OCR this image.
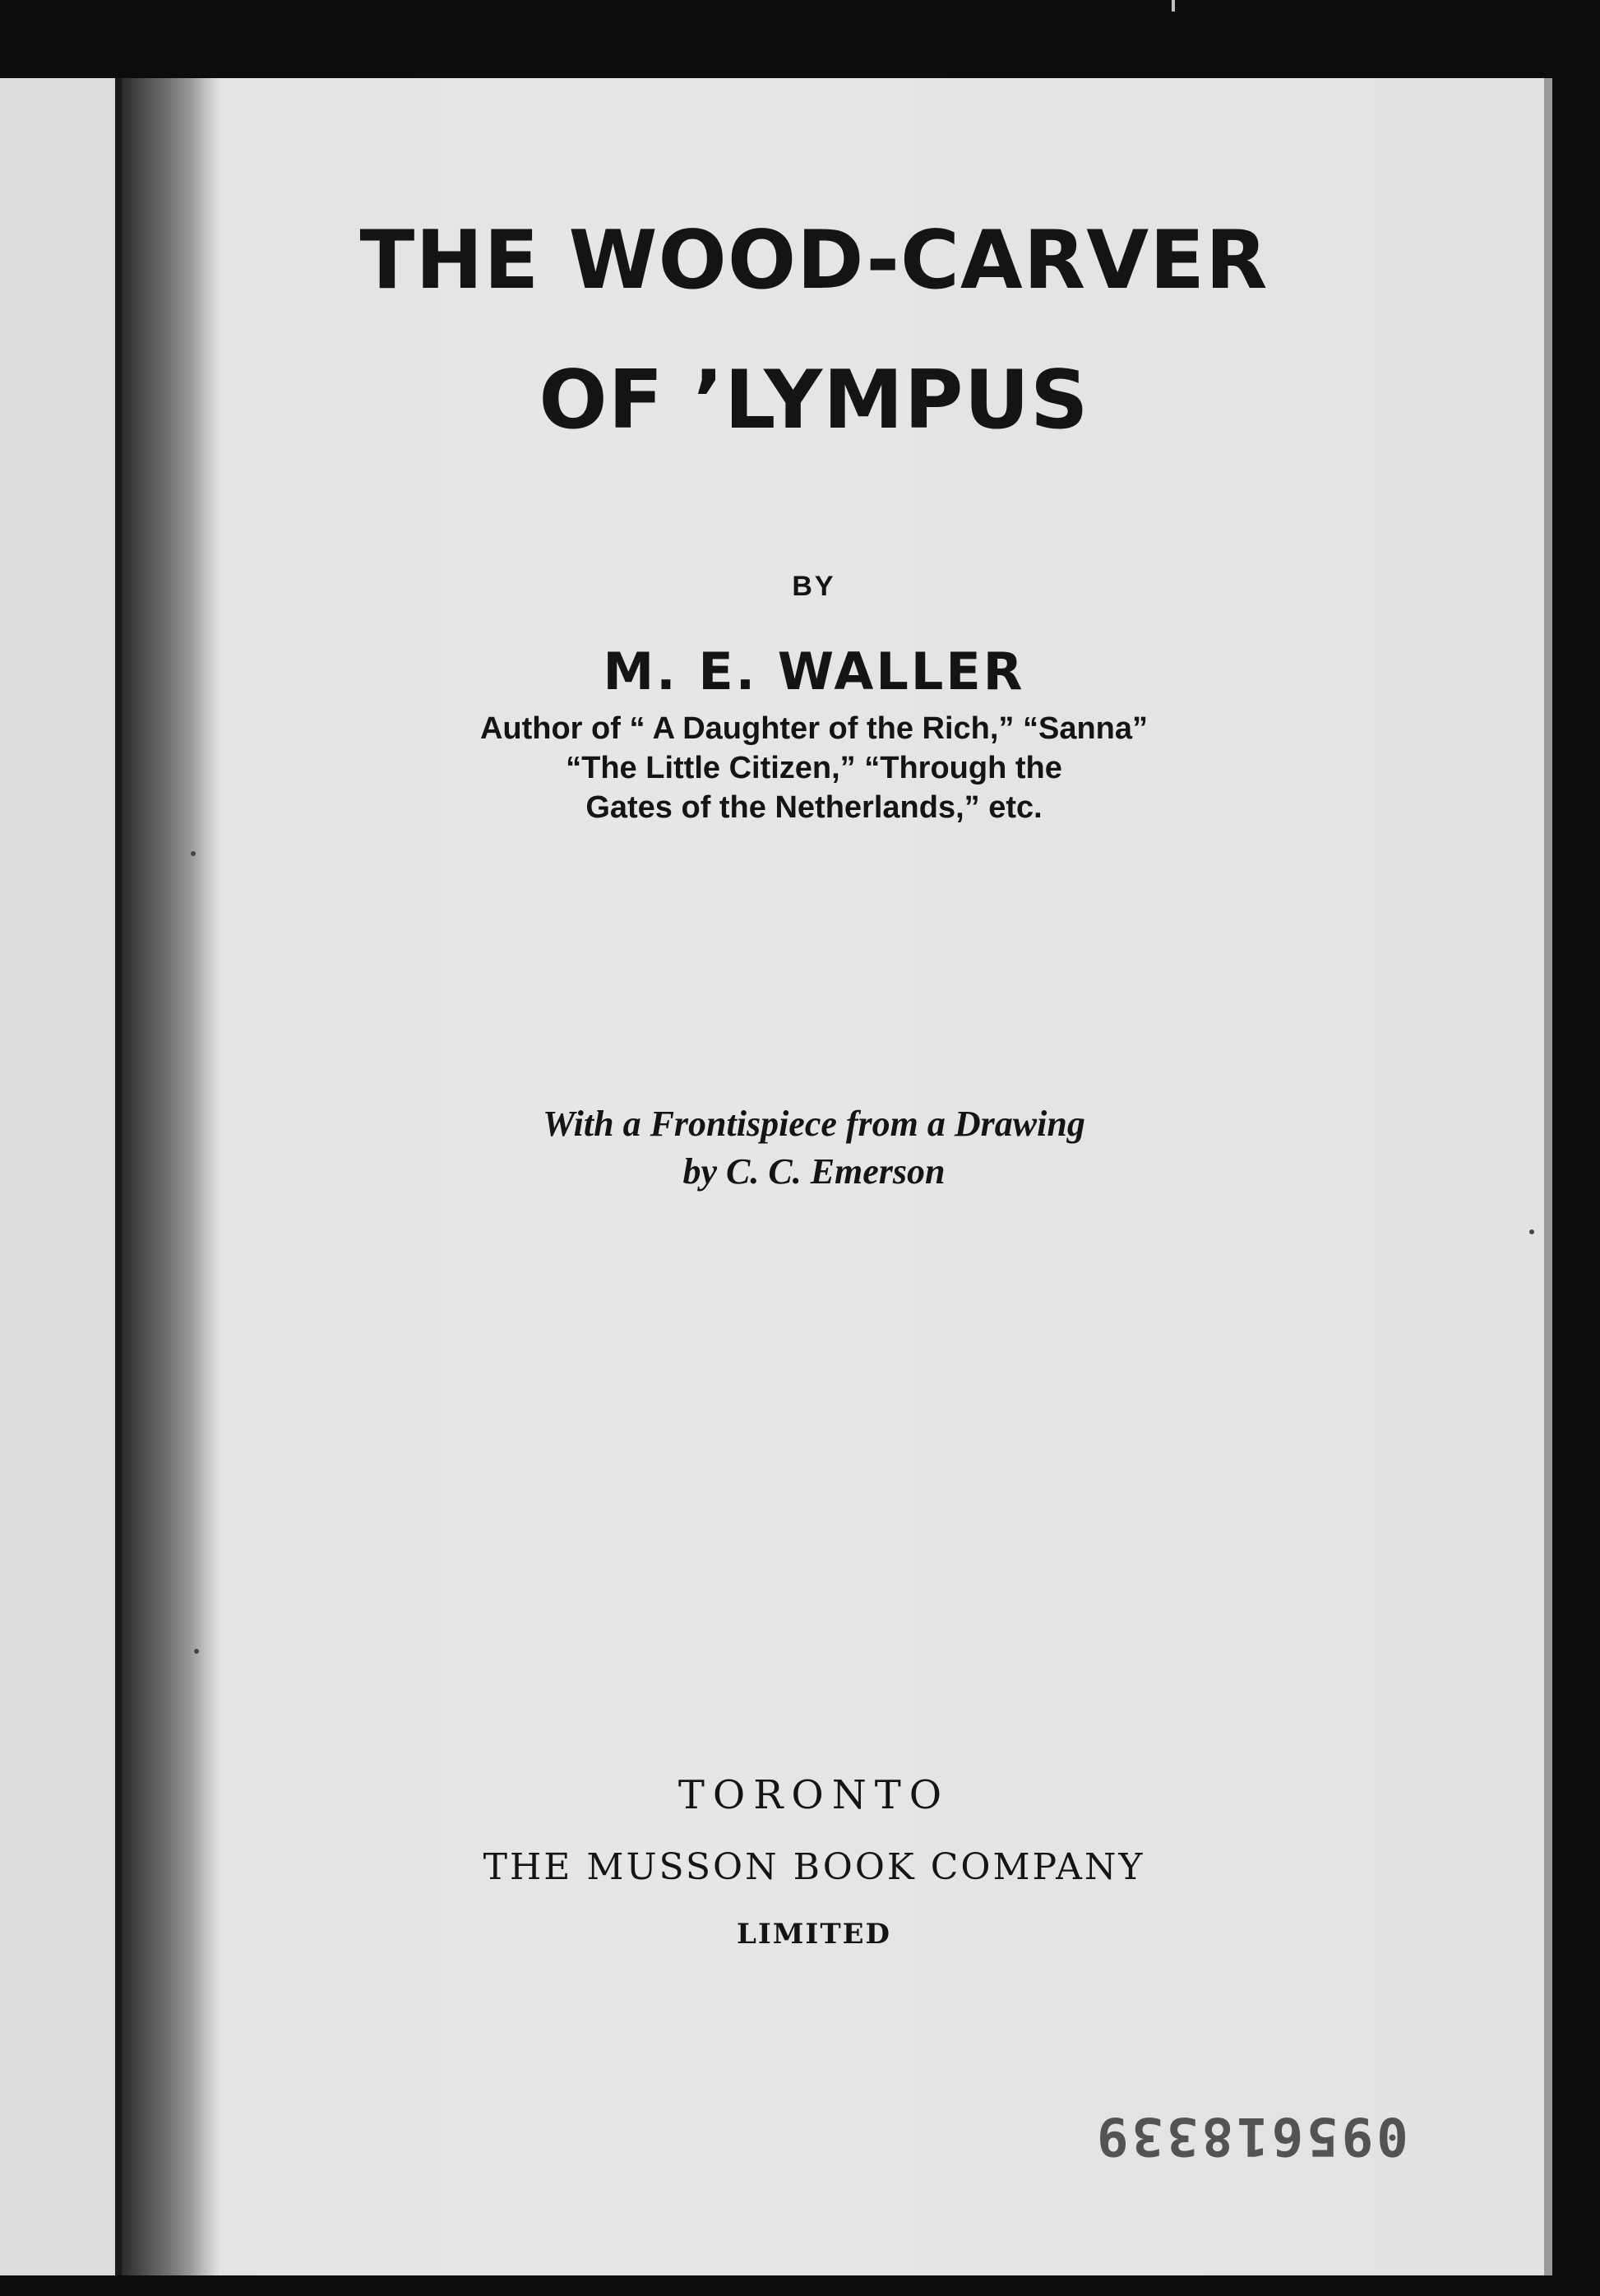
THE WOOD-CARVER
OF ’LYMPUS
BY
M. E. WALLER
Author of “ A Daughter of the Rich,” “Sanna”
“The Little Citizen,” “Through the
Gates of the Netherlands,” etc.
With a Frontispiece from a Drawing
by C. C. Emerson
TORONTO
THE MUSSON BOOK COMPANY
LIMITED
095618339
